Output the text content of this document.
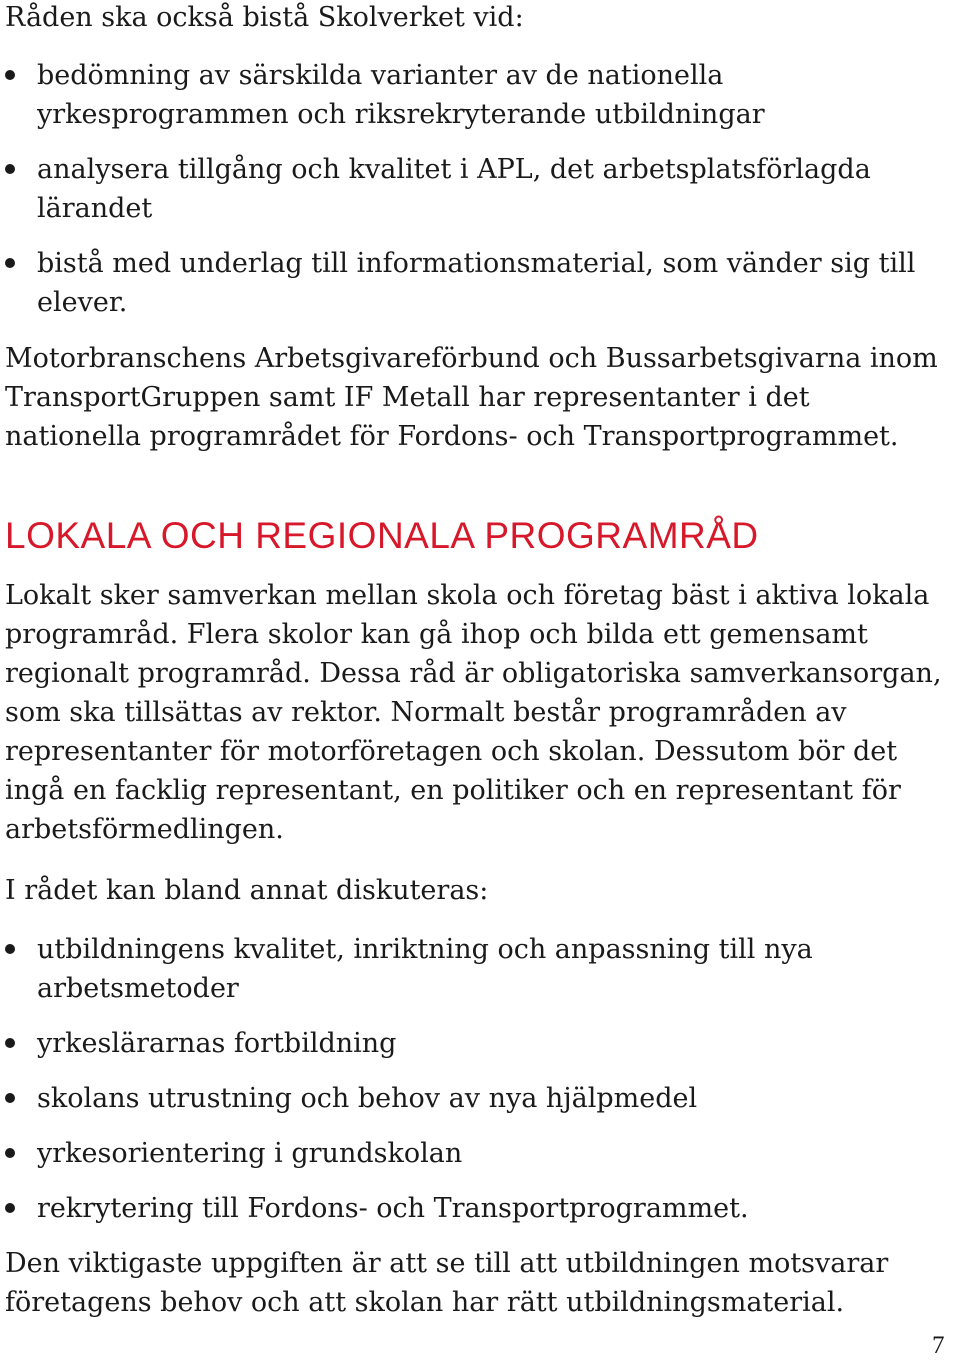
Råden ska också bistå Skolverket vid:

bedömning av särskilda varianter av de nationella yrkesprogrammen och riksrekryterande utbildningar
analysera tillgång och kvalitet i APL, det arbetsplatsförlagda lärandet
bistå med underlag till informationsmaterial, som vänder sig till elever.

Motorbranschens Arbetsgivareförbund och Bussarbetsgivarna inom TransportGruppen samt IF Metall har representanter i det nationella programrådet för Fordons- och Transportprogrammet.

LOKALA OCH REGIONALA PROGRAMRÅD

Lokalt sker samverkan mellan skola och företag bäst i aktiva lokala programråd. Flera skolor kan gå ihop och bilda ett gemensamt regionalt programråd. Dessa råd är obligatoriska samverkansorgan, som ska tillsättas av rektor. Normalt består programråden av representanter för motorföretagen och skolan. Dessutom bör det ingå en facklig representant, en politiker och en representant för arbetsförmedlingen.

I rådet kan bland annat diskuteras:

utbildningens kvalitet, inriktning och anpassning till nya arbetsmetoder
yrkeslärarnas fortbildning
skolans utrustning och behov av nya hjälpmedel
yrkesorientering i grundskolan
rekrytering till Fordons- och Transportprogrammet.

Den viktigaste uppgiften är att se till att utbildningen motsvarar företagens behov och att skolan har rätt utbildningsmaterial.

7
